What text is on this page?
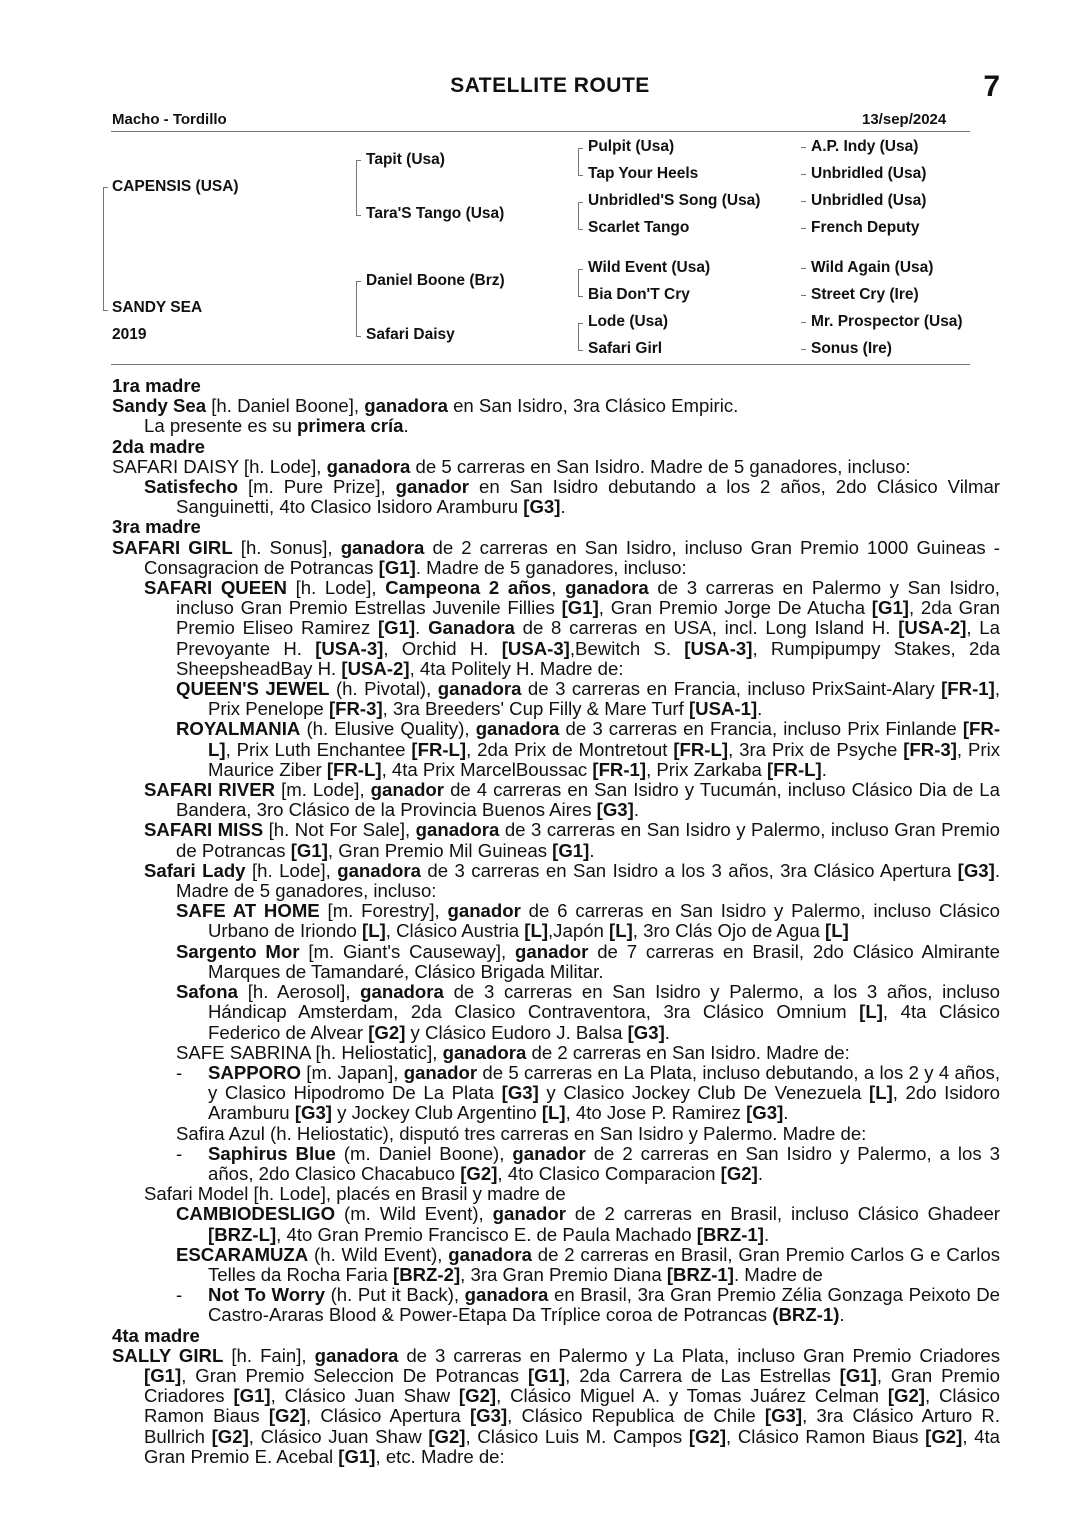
SATELLITE ROUTE	7
Macho - Tordillo	13/sep/2024
CAPENSIS (USA)
SANDY SEA
2019
Tapit (Usa)
Tara'S Tango (Usa)
Daniel Boone (Brz)
Safari Daisy
Pulpit (Usa)
Tap Your Heels
Unbridled'S Song (Usa)
Scarlet Tango
Wild Event (Usa)
Bia Don'T Cry
Lode (Usa)
Safari Girl
A.P. Indy (Usa)
Unbridled (Usa)
Unbridled (Usa)
French Deputy
Wild Again (Usa)
Street Cry (Ire)
Mr. Prospector (Usa)
Sonus (Ire)

1ra madre

Sandy Sea [h. Daniel Boone], ganadora en San Isidro, 3ra Clásico Empiric.

La presente es su primera cría.

2da madre

SAFARI DAISY [h. Lode], ganadora de 5 carreras en San Isidro. Madre de 5 ganadores, incluso:

Satisfecho [m. Pure Prize], ganador en San Isidro debutando a los 2 años, 2do Clásico Vilmar Sanguinetti, 4to Clasico Isidoro Aramburu [G3].

3ra madre

SAFARI GIRL [h. Sonus], ganadora de 2 carreras en San Isidro, incluso Gran Premio 1000 Guineas - Consagracion de Potrancas [G1]. Madre de 5 ganadores, incluso:

SAFARI QUEEN [h. Lode], Campeona 2 años, ganadora de 3 carreras en Palermo y San Isidro, incluso Gran Premio Estrellas Juvenile Fillies [G1], Gran Premio Jorge De Atucha [G1], 2da Gran Premio Eliseo Ramirez [G1]. Ganadora de 8 carreras en USA, incl. Long Island H. [USA-2], La Prevoyante H. [USA-3], Orchid H. [USA-3],Bewitch S. [USA-3], Rumpipumpy Stakes, 2da SheepsheadBay H. [USA-2], 4ta Politely H. Madre de:

QUEEN'S JEWEL (h. Pivotal), ganadora de 3 carreras en Francia, incluso PrixSaint-Alary [FR-1], Prix Penelope [FR-3], 3ra Breeders' Cup Filly & Mare Turf [USA-1].

ROYALMANIA (h. Elusive Quality), ganadora de 3 carreras en Francia, incluso Prix Finlande [FR-L], Prix Luth Enchantee [FR-L], 2da Prix de Montretout [FR-L], 3ra Prix de Psyche [FR-3], Prix Maurice Ziber [FR-L], 4ta Prix MarcelBoussac [FR-1], Prix Zarkaba [FR-L].

SAFARI RIVER [m. Lode], ganador de 4 carreras en San Isidro y Tucumán, incluso Clásico Dia de La Bandera, 3ro Clásico de la Provincia Buenos Aires [G3].

SAFARI MISS [h. Not For Sale], ganadora de 3 carreras en San Isidro y Palermo, incluso Gran Premio de Potrancas [G1], Gran Premio Mil Guineas [G1].

Safari Lady [h. Lode], ganadora de 3 carreras en San Isidro a los 3 años, 3ra Clásico Apertura [G3]. Madre de 5 ganadores, incluso:

SAFE AT HOME [m. Forestry], ganador de 6 carreras en San Isidro y Palermo, incluso Clásico Urbano de Iriondo [L], Clásico Austria [L],Japón [L], 3ro Clás Ojo de Agua [L]

Sargento Mor [m. Giant's Causeway], ganador de 7 carreras en Brasil, 2do Clásico Almirante Marques de Tamandaré, Clásico Brigada Militar.

Safona [h. Aerosol], ganadora de 3 carreras en San Isidro y Palermo, a los 3 años, incluso Hándicap Amsterdam, 2da Clasico Contraventora, 3ra Clásico Omnium [L], 4ta Clásico Federico de Alvear [G2] y Clásico Eudoro J. Balsa [G3].

SAFE SABRINA [h. Heliostatic], ganadora de 2 carreras en San Isidro. Madre de:

- SAPPORO [m. Japan], ganador de 5 carreras en La Plata, incluso debutando, a los 2 y 4 años, y Clasico Hipodromo De La Plata [G3] y Clasico Jockey Club De Venezuela [L], 2do Isidoro Aramburu [G3] y Jockey Club Argentino [L], 4to Jose P. Ramirez [G3].

Safira Azul (h. Heliostatic), disputó tres carreras en San Isidro y Palermo. Madre de:

- Saphirus Blue (m. Daniel Boone), ganador de 2 carreras en San Isidro y Palermo, a los 3 años, 2do Clasico Chacabuco [G2], 4to Clasico Comparacion [G2].

Safari Model [h. Lode], placés en Brasil y madre de

CAMBIODESLIGO (m. Wild Event), ganador de 2 carreras en Brasil, incluso Clásico Ghadeer [BRZ-L], 4to Gran Premio Francisco E. de Paula Machado [BRZ-1].

ESCARAMUZA (h. Wild Event), ganadora de 2 carreras en Brasil, Gran Premio Carlos G e Carlos Telles da Rocha Faria [BRZ-2], 3ra Gran Premio Diana [BRZ-1]. Madre de

- Not To Worry (h. Put it Back), ganadora en Brasil, 3ra Gran Premio Zélia Gonzaga Peixoto De Castro-Araras Blood & Power-Etapa Da Tríplice coroa de Potrancas (BRZ-1).

4ta madre

SALLY GIRL [h. Fain], ganadora de 3 carreras en Palermo y La Plata, incluso Gran Premio Criadores [G1], Gran Premio Seleccion De Potrancas [G1], 2da Carrera de Las Estrellas [G1], Gran Premio Criadores [G1], Clásico Juan Shaw [G2], Clásico Miguel A. y Tomas Juárez Celman [G2], Clásico Ramon Biaus [G2], Clásico Apertura [G3], Clásico Republica de Chile [G3], 3ra Clásico Arturo R. Bullrich [G2], Clásico Juan Shaw [G2], Clásico Luis M. Campos [G2], Clásico Ramon Biaus [G2], 4ta Gran Premio E. Acebal [G1], etc. Madre de:
